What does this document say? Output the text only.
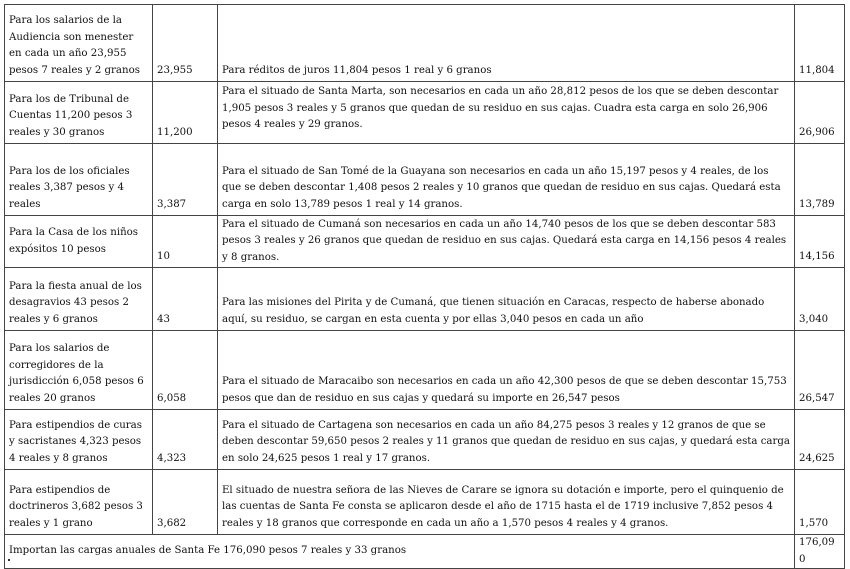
Para los salarios de la Audiencia son menester en cada un año 23,955 pesos 7 reales y 2 granos	23,955	Para réditos de juros 11,804 pesos 1 real y 6 granos	11,804
Para los de Tribunal de Cuentas 11,200 pesos 3 reales y 30 granos	11,200	Para el situado de Santa Marta, son necesarios en cada un año 28,812 pesos de los que se deben descontar 1,905 pesos 3 reales y 5 granos que quedan de su residuo en sus cajas. Cuadra esta carga en solo 26,906 pesos 4 reales y 29 granos.	26,906
Para los de los oficiales reales 3,387 pesos y 4 reales	3,387	Para el situado de San Tomé de la Guayana son necesarios en cada un año 15,197 pesos y 4 reales, de los que se deben descontar 1,408 pesos 2 reales y 10 granos que quedan de residuo en sus cajas. Quedará esta carga en solo 13,789 pesos 1 real y 14 granos.	13,789
Para la Casa de los niños expósitos 10 pesos	10	Para el situado de Cumaná son necesarios en cada un año 14,740 pesos de los que se deben descontar 583 pesos 3 reales y 26 granos que quedan de residuo en sus cajas. Quedará esta carga en 14,156 pesos 4 reales y 8 granos.	14,156
Para la fiesta anual de los desagravios 43 pesos 2 reales y 6 granos	43	Para las misiones del Pirita y de Cumaná, que tienen situación en Caracas, respecto de haberse abonado aquí, su residuo, se cargan en esta cuenta y por ellas 3,040 pesos en cada un año	3,040
Para los salarios de corregidores de la jurisdicción 6,058 pesos 6 reales 20 granos	6,058	Para el situado de Maracaibo son necesarios en cada un año 42,300 pesos de que se deben descontar 15,753 pesos que dan de residuo en sus cajas y quedará su importe en 26,547 pesos	26,547
Para estipendios de curas y sacristanes 4,323 pesos 4 reales y 8 granos	4,323	Para el situado de Cartagena son necesarios en cada un año 84,275 pesos 3 reales y 12 granos de que se deben descontar 59,650 pesos 2 reales y 11 granos que quedan de residuo en sus cajas, y quedará esta carga en solo 24,625 pesos 1 real y 17 granos.	24,625
Para estipendios de doctrineros 3,682 pesos 3 reales y 1 grano	3,682	El situado de nuestra señora de las Nieves de Carare se ignora su dotación e importe, pero el quinquenio de las cuentas de Santa Fe consta se aplicaron desde el año de 1715 hasta el de 1719 inclusive 7,852 pesos 4 reales y 18 granos que corresponde en cada un año a 1,570 pesos 4 reales y 4 granos.	1,570
Importan las cargas anuales de Santa Fe 176,090 pesos 7 reales y 33 granos			176,090
